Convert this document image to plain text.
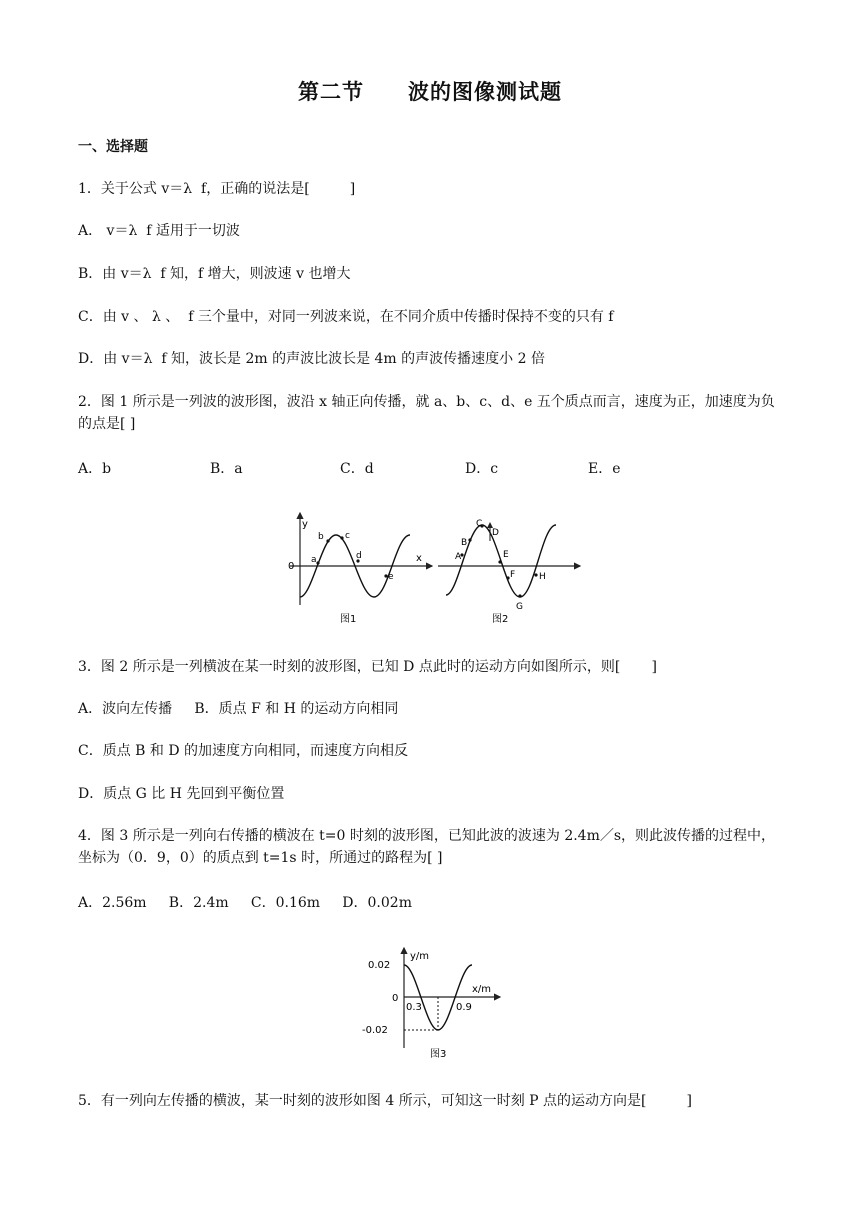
第二节　　波的图像测试题
一、选择题
1．关于公式 v＝λ  f，正确的说法是[         ]
A． v＝λ  f 适用于一切波
B．由 v＝λ  f 知，f 增大，则波速 v 也增大
C．由 v 、 λ 、  f 三个量中，对同一列波来说，在不同介质中传播时保持不变的只有 f
D．由 v＝λ  f 知，波长是 2m 的声波比波长是 4m 的声波传播速度小 2 倍
2．图 1 所示是一列波的波形图，波沿 x 轴正向传播，就 a、b、c、d、e 五个质点而言，速度为正，加速度为负的点是[ ]
A．b	B．a	C．d	D．c	E．e
y
x
0
a
b c
d
e
图1
A
B
C
D
E
F
G
H
图2
3．图 2 所示是一列横波在某一时刻的波形图，已知 D 点此时的运动方向如图所示，则[       ]
A．波向左传播     B．质点 F 和 H 的运动方向相同
C．质点 B 和 D 的加速度方向相同，而速度方向相反
D．质点 G 比 H 先回到平衡位置
4．图 3 所示是一列向右传播的横波在 t=0 时刻的波形图，已知此波的波速为 2.4m／s，则此波传播的过程中，坐标为（0．9，0）的质点到 t=1s 时，所通过的路程为[ ]
A．2.56m     B．2.4m     C．0.16m     D．0.02m
y/m
x/m
0.02
0
-0.02
0.3	0.9
图3
5．有一列向左传播的横波，某一时刻的波形如图 4 所示，可知这一时刻 P 点的运动方向是[         ]
